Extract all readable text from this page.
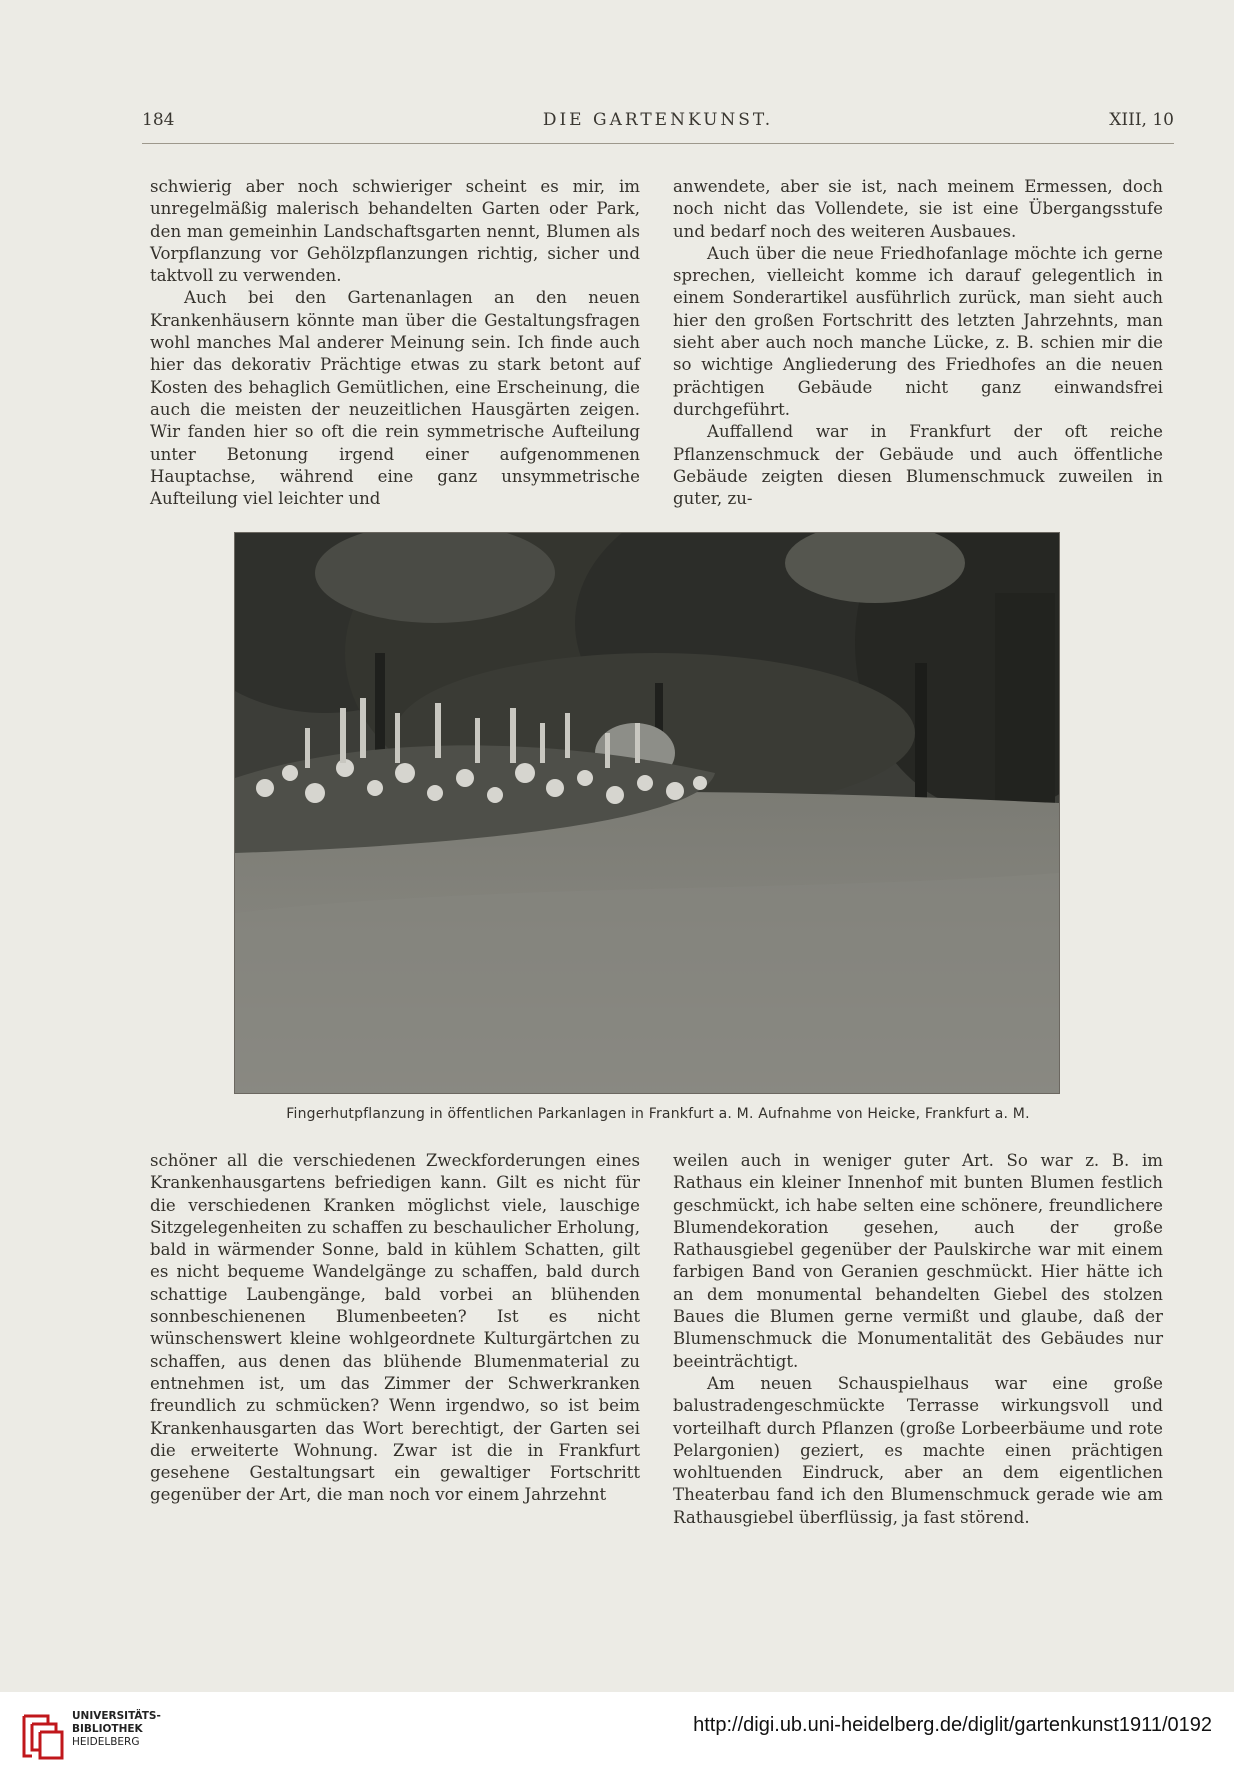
184	DIE GARTENKUNST.	XIII, 10

schwierig aber noch schwieriger scheint es mir, im unregelmäßig malerisch behandelten Garten oder Park, den man gemeinhin Landschaftsgarten nennt, Blumen als Vorpflanzung vor Gehölzpflanzungen richtig, sicher und taktvoll zu verwenden.

Auch bei den Gartenanlagen an den neuen Krankenhäusern könnte man über die Gestaltungsfragen wohl manches Mal anderer Meinung sein. Ich finde auch hier das dekorativ Prächtige etwas zu stark betont auf Kosten des behaglich Gemütlichen, eine Erscheinung, die auch die meisten der neuzeitlichen Hausgärten zeigen. Wir fanden hier so oft die rein symmetrische Aufteilung unter Betonung irgend einer aufgenommenen Hauptachse, während eine ganz unsymmetrische Aufteilung viel leichter und

anwendete, aber sie ist, nach meinem Ermessen, doch noch nicht das Vollendete, sie ist eine Übergangsstufe und bedarf noch des weiteren Ausbaues.

Auch über die neue Friedhofanlage möchte ich gerne sprechen, vielleicht komme ich darauf gelegentlich in einem Sonderartikel ausführlich zurück, man sieht auch hier den großen Fortschritt des letzten Jahrzehnts, man sieht aber auch noch manche Lücke, z. B. schien mir die so wichtige Angliederung des Friedhofes an die neuen prächtigen Gebäude nicht ganz einwandsfrei durchgeführt.

Auffallend war in Frankfurt der oft reiche Pflanzenschmuck der Gebäude und auch öffentliche Gebäude zeigten diesen Blumenschmuck zuweilen in guter, zu-

Fingerhutpflanzung in öffentlichen Parkanlagen in Frankfurt a. M. Aufnahme von Heicke, Frankfurt a. M.

schöner all die verschiedenen Zweckforderungen eines Krankenhausgartens befriedigen kann. Gilt es nicht für die verschiedenen Kranken möglichst viele, lauschige Sitzgelegenheiten zu schaffen zu beschaulicher Erholung, bald in wärmender Sonne, bald in kühlem Schatten, gilt es nicht bequeme Wandelgänge zu schaffen, bald durch schattige Laubengänge, bald vorbei an blühenden sonnbeschienenen Blumenbeeten? Ist es nicht wünschenswert kleine wohlgeordnete Kulturgärtchen zu schaffen, aus denen das blühende Blumenmaterial zu entnehmen ist, um das Zimmer der Schwerkranken freundlich zu schmücken? Wenn irgendwo, so ist beim Krankenhausgarten das Wort berechtigt, der Garten sei die erweiterte Wohnung. Zwar ist die in Frankfurt gesehene Gestaltungsart ein gewaltiger Fortschritt gegenüber der Art, die man noch vor einem Jahrzehnt

weilen auch in weniger guter Art. So war z. B. im Rathaus ein kleiner Innenhof mit bunten Blumen festlich geschmückt, ich habe selten eine schönere, freundlichere Blumendekoration gesehen, auch der große Rathausgiebel gegenüber der Paulskirche war mit einem farbigen Band von Geranien geschmückt. Hier hätte ich an dem monumental behandelten Giebel des stolzen Baues die Blumen gerne vermißt und glaube, daß der Blumenschmuck die Monumentalität des Gebäudes nur beeinträchtigt.

Am neuen Schauspielhaus war eine große balustradengeschmückte Terrasse wirkungsvoll und vorteilhaft durch Pflanzen (große Lorbeerbäume und rote Pelargonien) geziert, es machte einen prächtigen wohltuenden Eindruck, aber an dem eigentlichen Theaterbau fand ich den Blumenschmuck gerade wie am Rathausgiebel überflüssig, ja fast störend.

UNIVERSITÄTS-
BIBLIOTHEK
HEIDELBERG
http://digi.ub.uni-heidelberg.de/diglit/gartenkunst1911/0192
